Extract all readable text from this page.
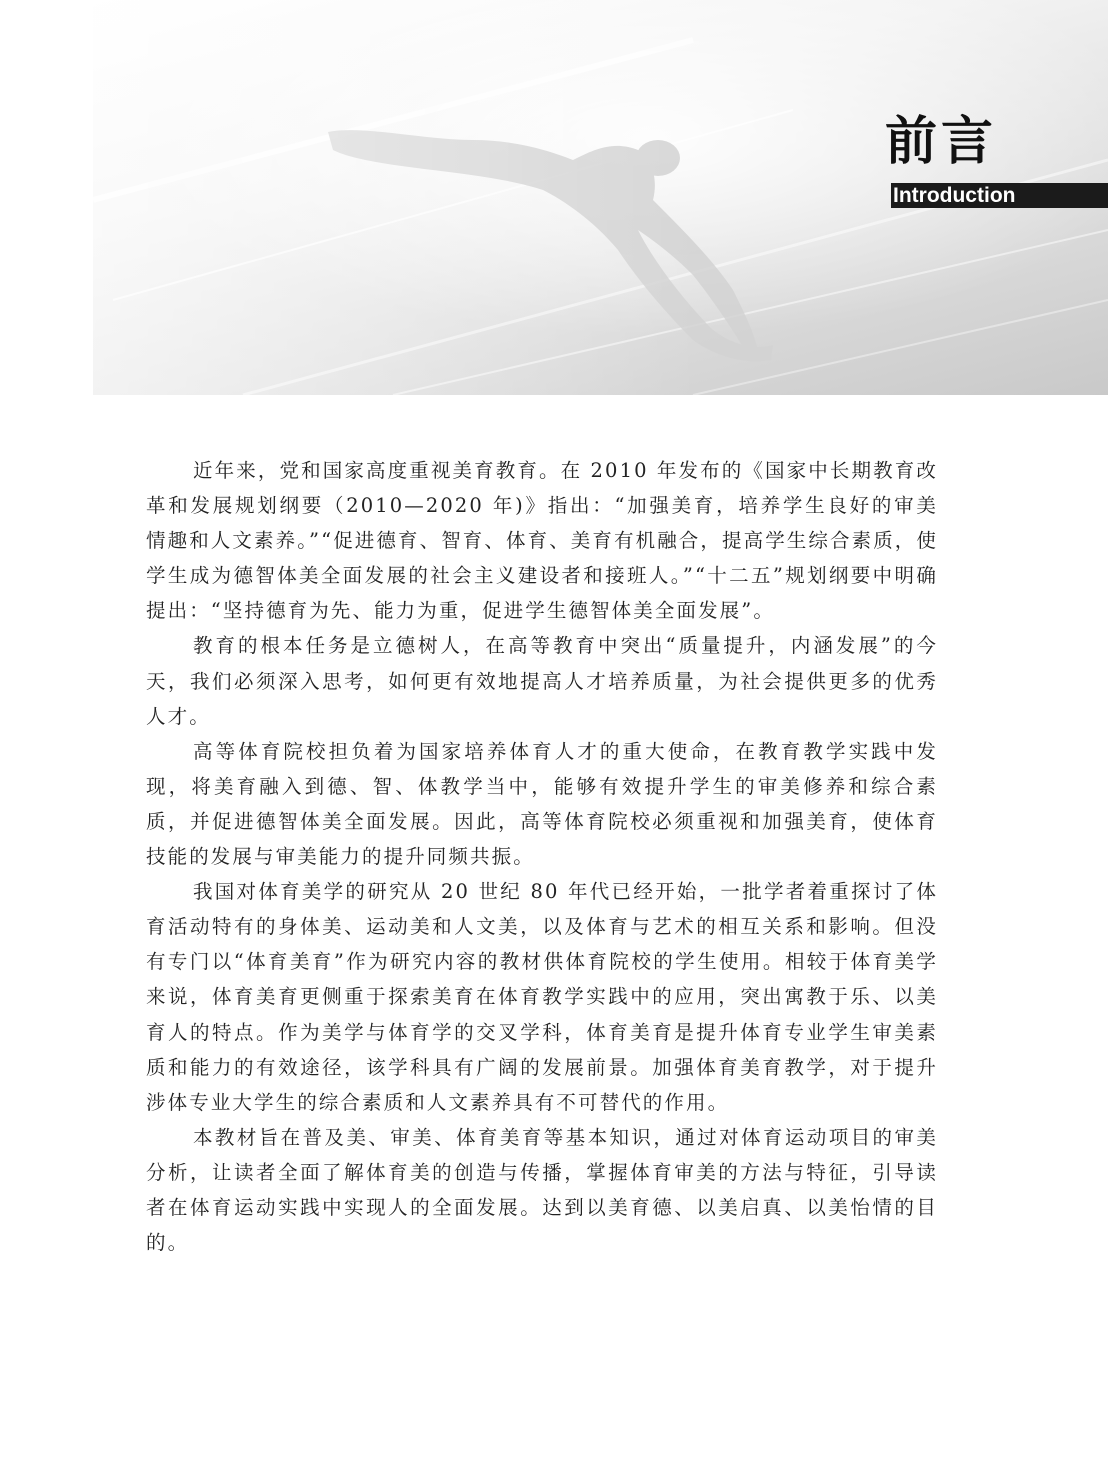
前言
Introduction

近年来，党和国家高度重视美育教育。在 2010 年发布的《国家中长期教育改革和发展规划纲要（2010—2020 年)》指出：“加强美育，培养学生良好的审美情趣和人文素养。”“促进德育、智育、体育、美育有机融合，提高学生综合素质，使学生成为德智体美全面发展的社会主义建设者和接班人。”“十二五”规划纲要中明确提出：“坚持德育为先、能力为重，促进学生德智体美全面发展”。

教育的根本任务是立德树人，在高等教育中突出“质量提升，内涵发展”的今天，我们必须深入思考，如何更有效地提高人才培养质量，为社会提供更多的优秀人才。

高等体育院校担负着为国家培养体育人才的重大使命，在教育教学实践中发现，将美育融入到德、智、体教学当中，能够有效提升学生的审美修养和综合素质，并促进德智体美全面发展。因此，高等体育院校必须重视和加强美育，使体育技能的发展与审美能力的提升同频共振。

我国对体育美学的研究从 20 世纪 80 年代已经开始，一批学者着重探讨了体育活动特有的身体美、运动美和人文美，以及体育与艺术的相互关系和影响。但没有专门以“体育美育”作为研究内容的教材供体育院校的学生使用。相较于体育美学来说，体育美育更侧重于探索美育在体育教学实践中的应用，突出寓教于乐、以美育人的特点。作为美学与体育学的交叉学科，体育美育是提升体育专业学生审美素质和能力的有效途径，该学科具有广阔的发展前景。加强体育美育教学，对于提升涉体专业大学生的综合素质和人文素养具有不可替代的作用。

本教材旨在普及美、审美、体育美育等基本知识，通过对体育运动项目的审美分析，让读者全面了解体育美的创造与传播，掌握体育审美的方法与特征，引导读者在体育运动实践中实现人的全面发展。达到以美育德、以美启真、以美怡情的目的。
